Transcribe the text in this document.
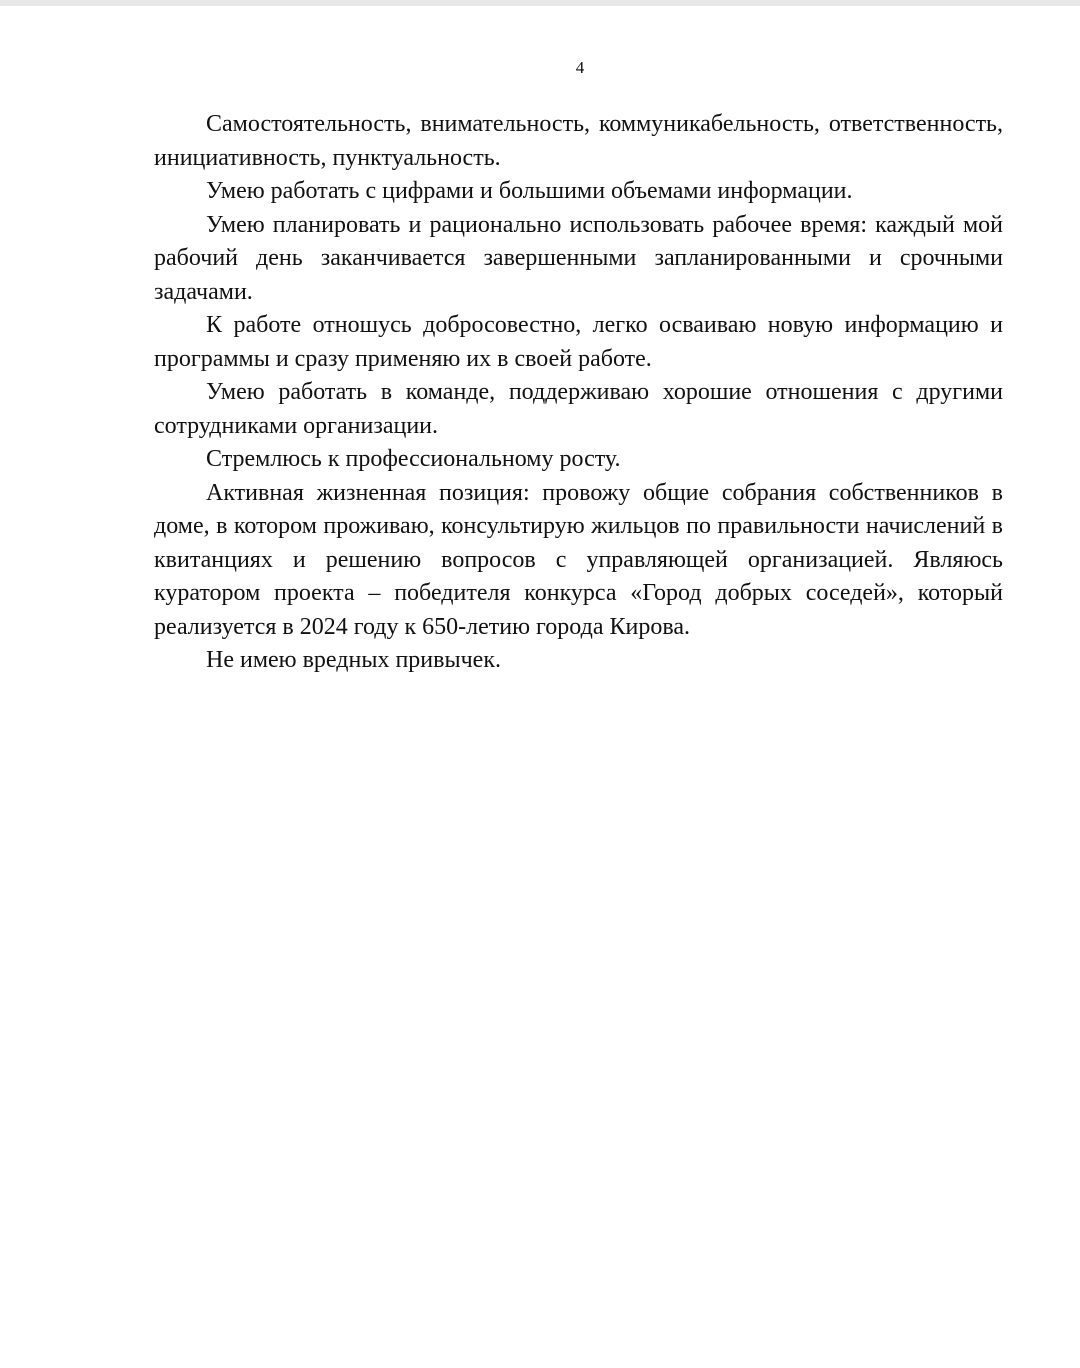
4

Самостоятельность, внимательность, коммуникабельность, ответственность, инициативность, пунктуальность.

Умею работать с цифрами и большими объемами информации.

Умею планировать и рационально использовать рабочее время: каждый мой рабочий день заканчивается завершенными запланированными и срочными задачами.

К работе отношусь добросовестно, легко осваиваю новую информацию и программы и сразу применяю их в своей работе.

Умею работать в команде, поддерживаю хорошие отношения с другими сотрудниками организации.

Стремлюсь к профессиональному росту.

Активная жизненная позиция: провожу общие собрания собственников в доме, в котором проживаю, консультирую жильцов по правильности начислений в квитанциях и решению вопросов с управляющей организацией. Являюсь куратором проекта – победителя конкурса «Город добрых соседей», который реализуется в 2024 году к 650-летию города Кирова.

Не имею вредных привычек.
